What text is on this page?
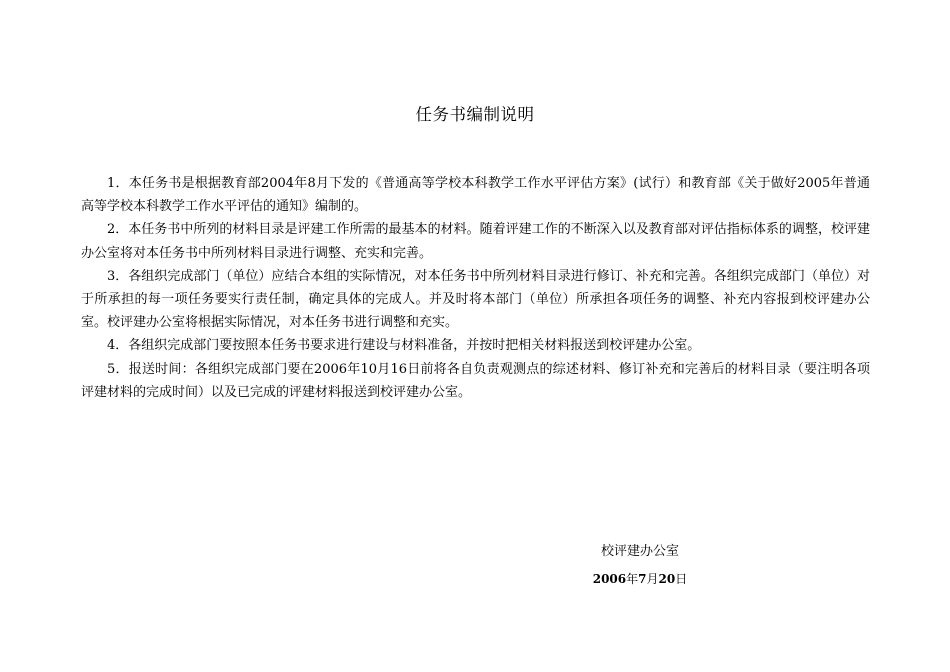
任务书编制说明

1．本任务书是根据教育部2004年8月下发的《普通高等学校本科教学工作水平评估方案》(试行）和教育部《关于做好2005年普通高等学校本科教学工作水平评估的通知》编制的。

2．本任务书中所列的材料目录是评建工作所需的最基本的材料。随着评建工作的不断深入以及教育部对评估指标体系的调整，校评建办公室将对本任务书中所列材料目录进行调整、充实和完善。

3．各组织完成部门（单位）应结合本组的实际情况，对本任务书中所列材料目录进行修订、补充和完善。各组织完成部门（单位）对于所承担的每一项任务要实行责任制，确定具体的完成人。并及时将本部门（单位）所承担各项任务的调整、补充内容报到校评建办公室。校评建办公室将根据实际情况，对本任务书进行调整和充实。

4．各组织完成部门要按照本任务书要求进行建设与材料准备，并按时把相关材料报送到校评建办公室。

5．报送时间：各组织完成部门要在2006年10月16日前将各自负责观测点的综述材料、修订补充和完善后的材料目录（要注明各项评建材料的完成时间）以及已完成的评建材料报送到校评建办公室。

校评建办公室
2006年7月20日
